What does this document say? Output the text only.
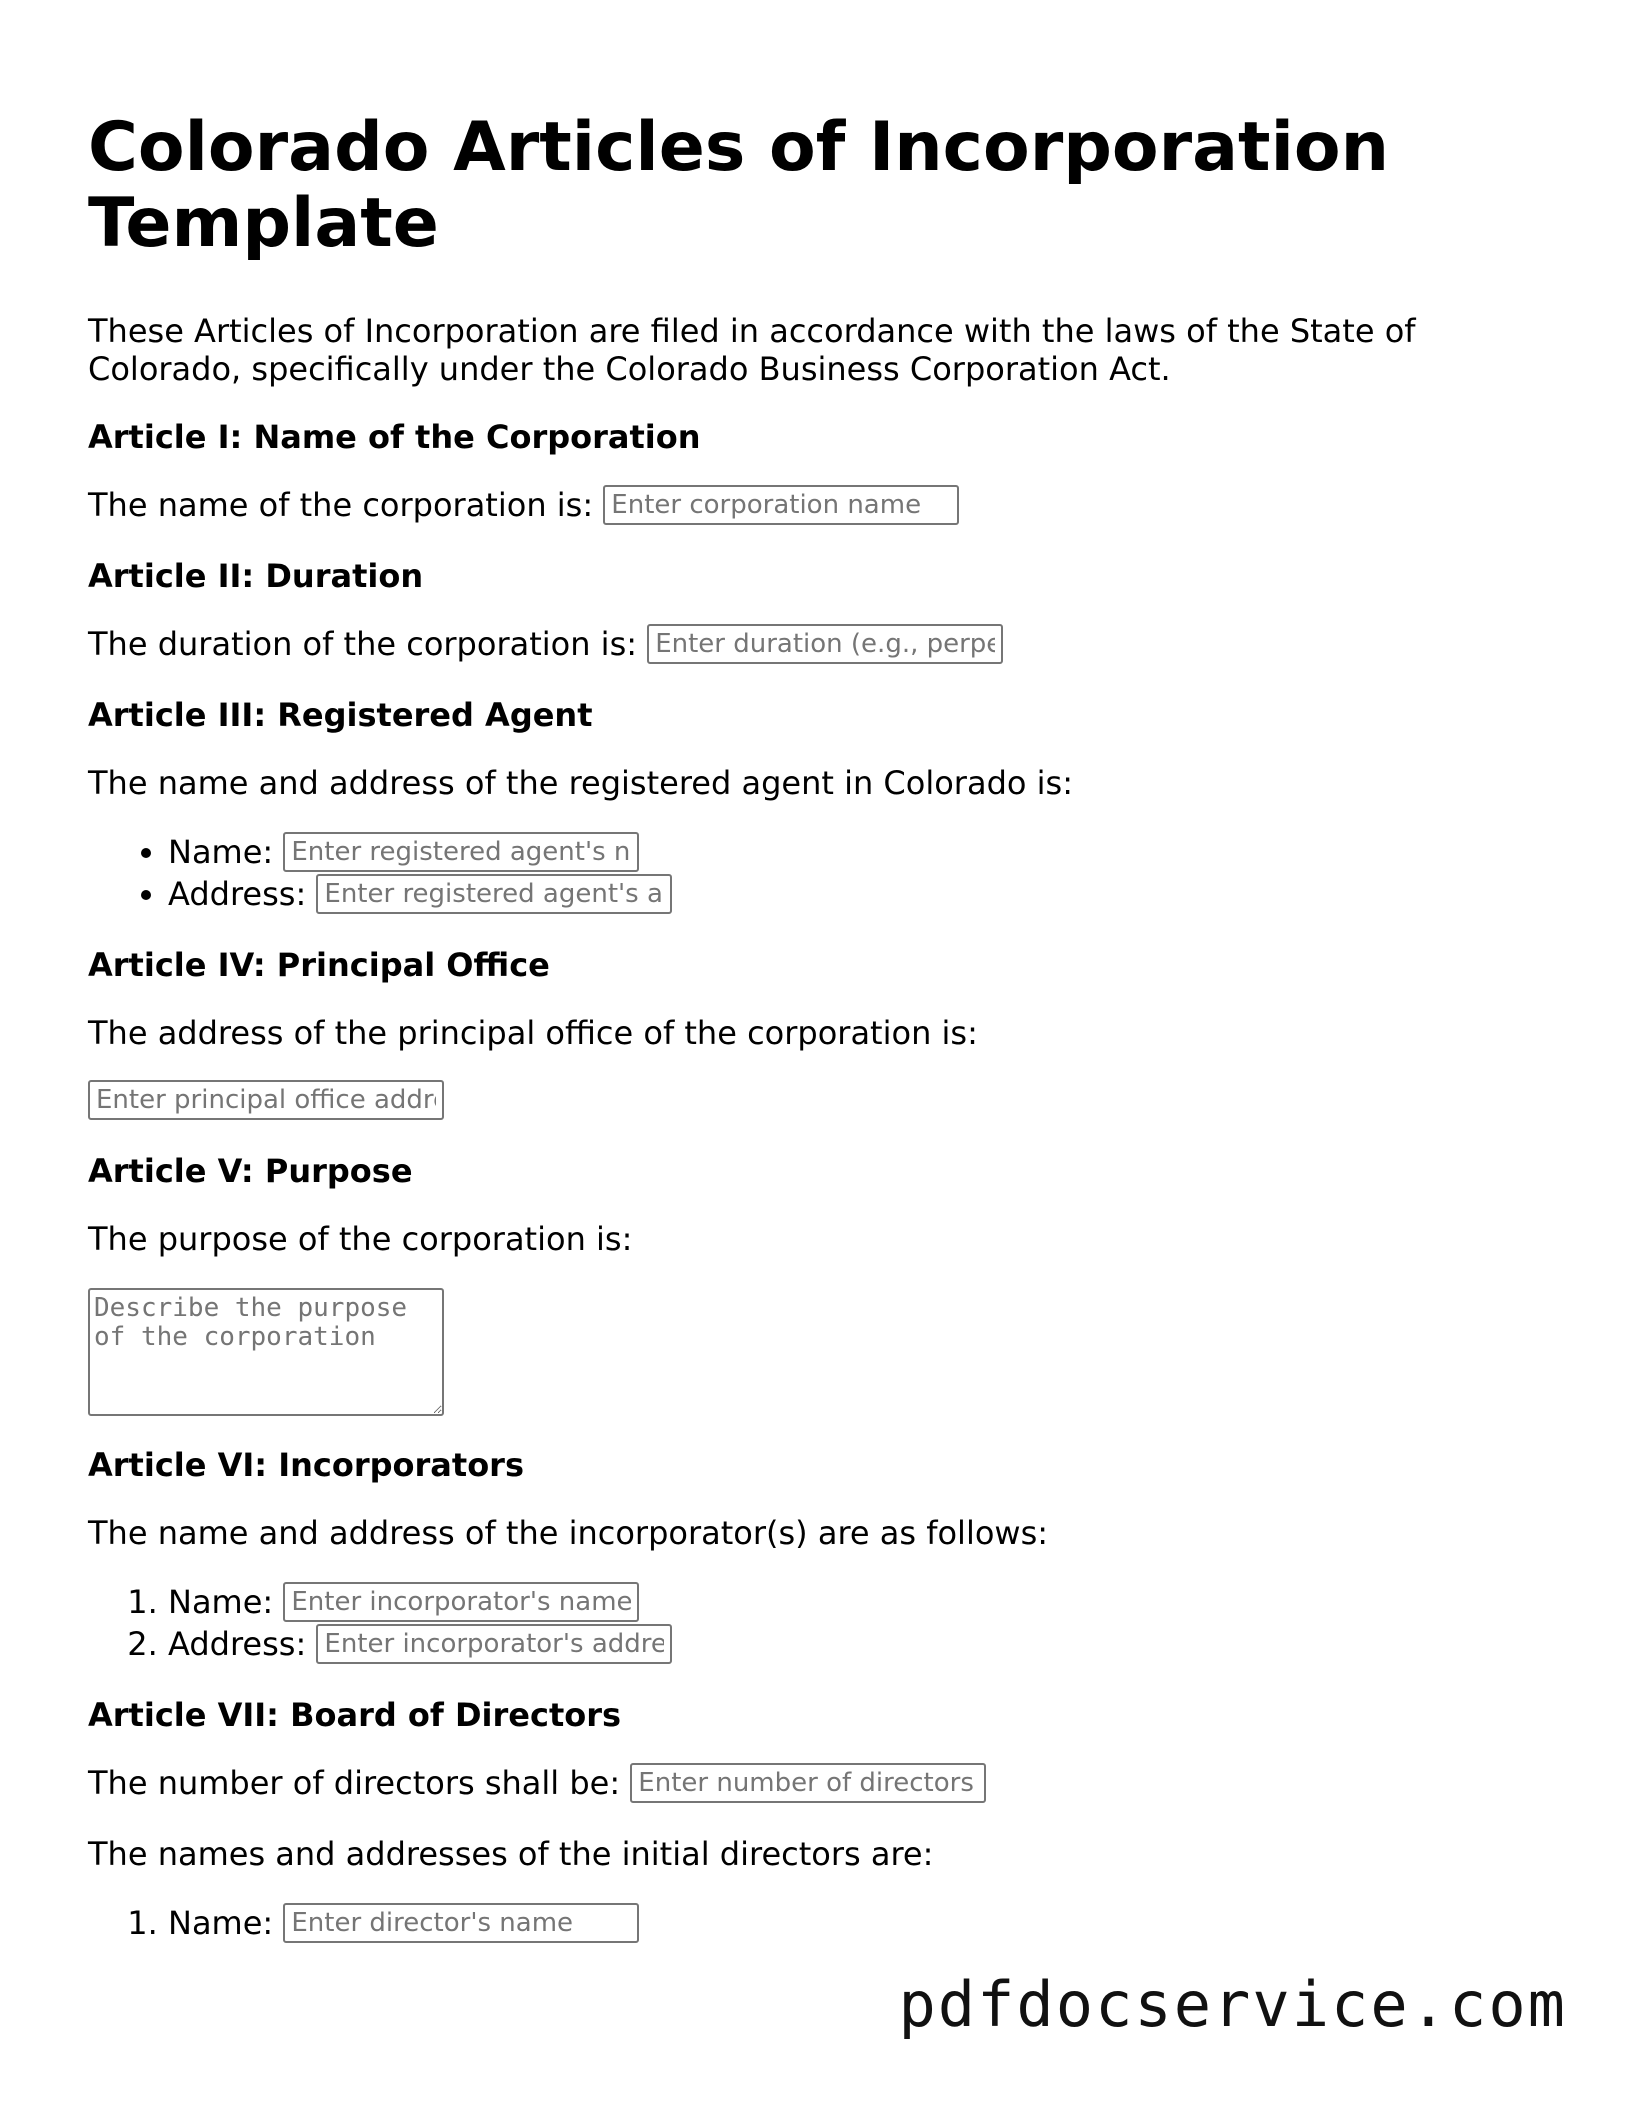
Colorado Articles of Incorporation Template

These Articles of Incorporation are filed in accordance with the laws of the State of Colorado, specifically under the Colorado Business Corporation Act.

Article I: Name of the Corporation

The name of the corporation is: Enter corporation name

Article II: Duration

The duration of the corporation is: Enter duration (e.g., perpetual)

Article III: Registered Agent

The name and address of the registered agent in Colorado is:

• Name: Enter registered agent's name
• Address: Enter registered agent's address
Article IV: Principal Office

The address of the principal office of the corporation is:

Enter principal office address
Article V: Purpose

The purpose of the corporation is:

Describe the purpose of the corporation
Article VI: Incorporators

The name and address of the incorporator(s) are as follows:

1. Name: Enter incorporator's name
2. Address: Enter incorporator's address
Article VII: Board of Directors

The number of directors shall be: Enter number of directors

The names and addresses of the initial directors are:

1. Name: Enter director's name
pdfdocservice.com
